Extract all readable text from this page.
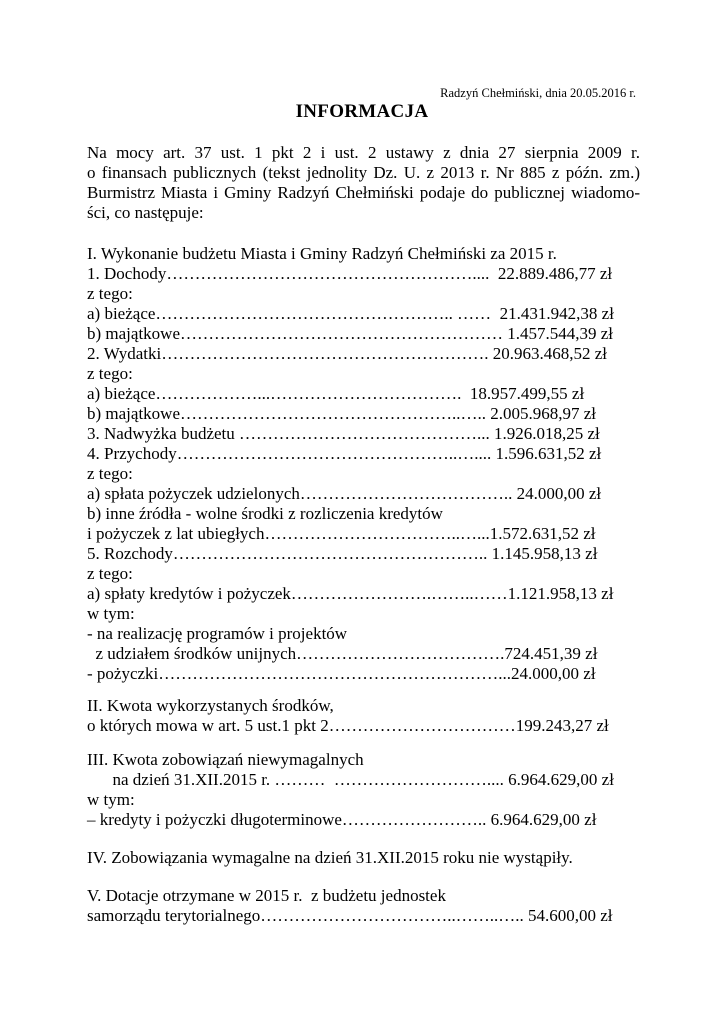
Radzyń Chełmiński, dnia 20.05.2016 r.
INFORMACJA
Na mocy art. 37 ust. 1 pkt 2 i ust. 2 ustawy z dnia 27 sierpnia 2009 r.
o finansach publicznych (tekst jednolity Dz. U. z 2013 r. Nr 885 z późn. zm.)
Burmistrz Miasta i Gminy Radzyń Chełmiński podaje do publicznej wiadomo-
ści, co następuje:
I. Wykonanie budżetu Miasta i Gminy Radzyń Chełmiński za 2015 r.
1. Dochody………………………………………………....  22.889.486,77 zł
z tego:
a) bieżące…………………………………………….. ……  21.431.942,38 zł
b) majątkowe………………………………………………… 1.457.544,39 zł
2. Wydatki…………………………………………………. 20.963.468,52 zł
z tego:
a) bieżące………………...…………………………….  18.957.499,55 zł
b) majątkowe…………………………………………..….. 2.005.968,97 zł
3. Nadwyżka budżetu ……………………………………... 1.926.018,25 zł
4. Przychody…………………………………………..….... 1.596.631,52 zł
z tego:
a) spłata pożyczek udzielonych……………………………….. 24.000,00 zł
b) inne źródła - wolne środki z rozliczenia kredytów
i pożyczek z lat ubiegłych……………………………..…...1.572.631,52 zł
5. Rozchody……………………………………………….. 1.145.958,13 zł
z tego:
a) spłaty kredytów i pożyczek…………………….……..……1.121.958,13 zł
w tym:
- na realizację programów i projektów
z udziałem środków unijnych……………………………….724.451,39 zł
- pożyczki……………………………………………………...24.000,00 zł
II. Kwota wykorzystanych środków,
o których mowa w art. 5 ust.1 pkt 2……………………………199.243,27 zł
III. Kwota zobowiązań niewymagalnych
na dzień 31.XII.2015 r. ………  ……………………….... 6.964.629,00 zł
w tym:
– kredyty i pożyczki długoterminowe…………………….. 6.964.629,00 zł
IV. Zobowiązania wymagalne na dzień 31.XII.2015 roku nie wystąpiły.
V. Dotacje otrzymane w 2015 r.  z budżetu jednostek
samorządu terytorialnego……………………………..……..….. 54.600,00 zł
